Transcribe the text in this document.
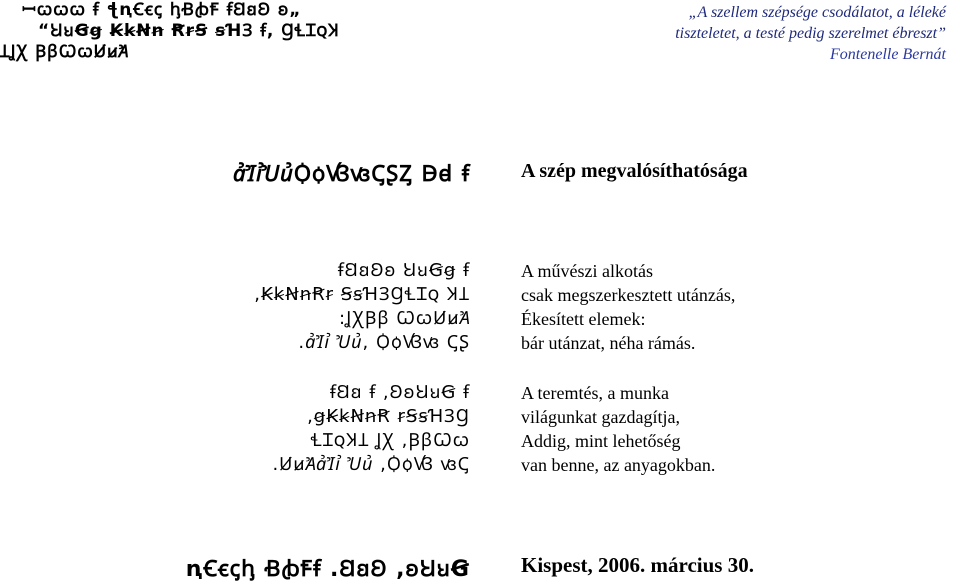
ꟷꞷꞷꞷ ꞙ ꞎꞑꞒꞓꞔ ꞕꞖꞗꞘ ꞙꞚꞛꞜ ꞝ„
“ꞞꞟꞠꞡ ꞢꞣꞤꞥ ꞦꞧꞨ ꞩꞪꞫ ꞙ, ꞬꞭꞮꞯꞰ
ꞱꞲꞳ ꞴꞵꞶꞷꞸꞹꞺ
„A szellem szépsége csodálatot, a léleké
tiszteletet, a testé pedig szerelmet ébreszt”
Fontenelle Bernát
ꞻꞼꞽꞾꞿꟀꟁꟂꟃꟄꟅꟆ Ꟈꟈ ꞙ	A szép megvalósíthatósága
ꞙꞚꞛꞜꞝ ꞞꞟꞠꞡ ꞙ
,ꞢꞣꞤꞥꞦꞧ ꞨꞩꞪꞫꞬꞭꞮꞯ ꞰꞱ
:ꞲꞳꞴꞵ ꞶꞷꞸꞹꞺ
.ꞻꞼꞽ Ꞿꞿ, ꟀꟁꟂꟃ ꟄꟅ
A művészi alkotás
csak megszerkesztett utánzás,
Ékesített elemek:
bár utánzat, néha rámás.
ꞙꞚꞛ ꞙ ,ꞜꞝꞞꞟꞠ ꞙ
,ꞡꞢꞣꞤꞥꞦ ꞧꞨꞩꞪꞫꞬ
ꞭꞮꞯꞰꞱ ꞲꞳ ,ꞴꞵꞶꞷ
.ꞸꞹꞺꞻꞼꞽ Ꞿꞿ ,ꟀꟁꟂ ꟃꟄ
A teremtés, a munka
világunkat gazdagítja,
Addig, mint lehetőség
van benne, az anyagokban.
ꞑꞒꞓꞔꞕ ꞖꞗꞘꞙ .ꞚꞛꞜ ,ꞝꞞꞟꞠ Kispest, 2006. március 30.
